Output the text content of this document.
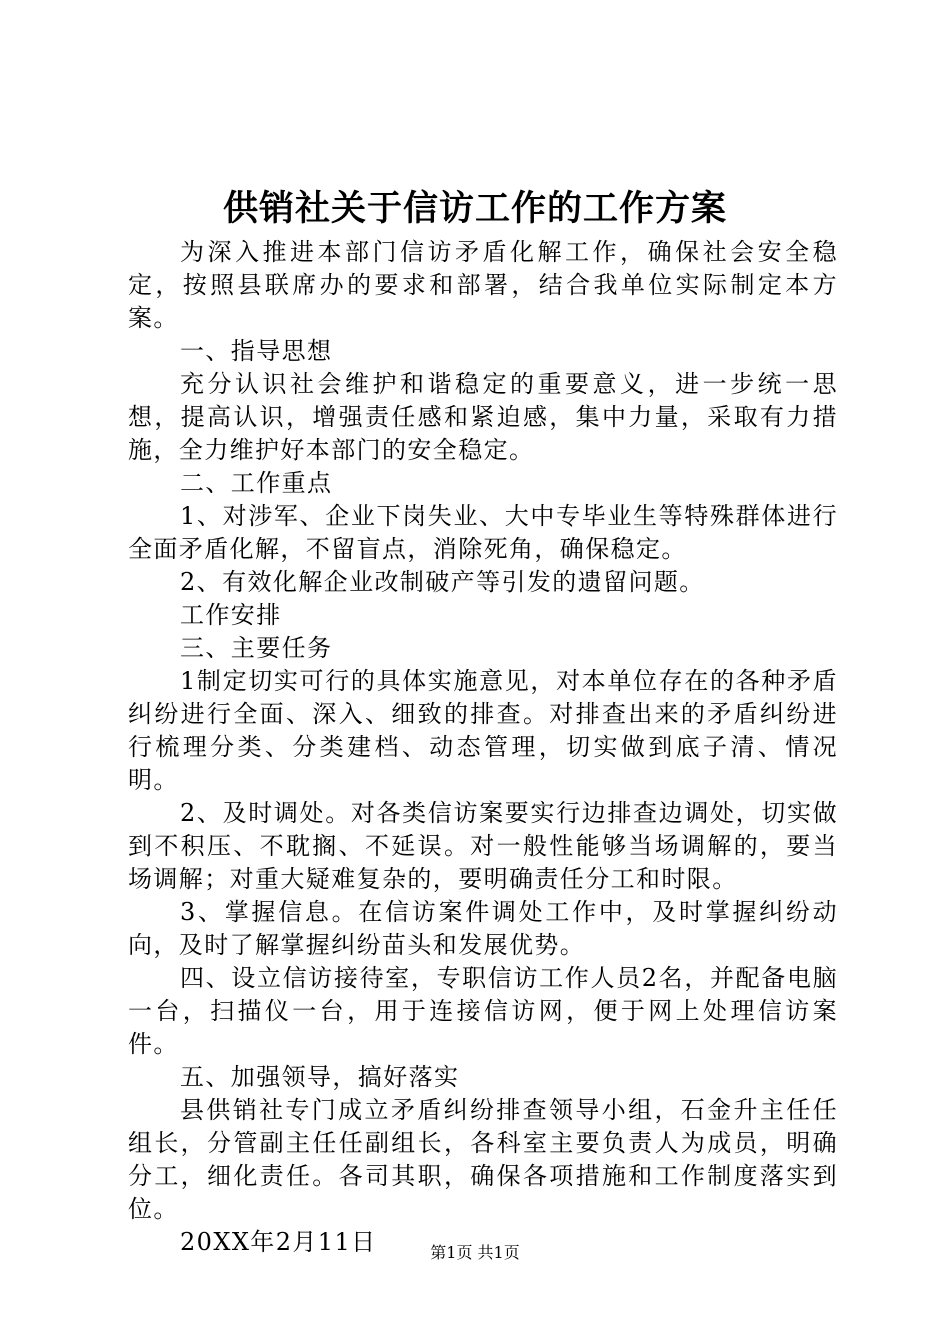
供销社关于信访工作的工作方案

为深入推进本部门信访矛盾化解工作，确保社会安全稳定，按照县联席办的要求和部署，结合我单位实际制定本方案。

一、指导思想

充分认识社会维护和谐稳定的重要意义，进一步统一思想，提高认识，增强责任感和紧迫感，集中力量，采取有力措施，全力维护好本部门的安全稳定。

二、工作重点

1、对涉军、企业下岗失业、大中专毕业生等特殊群体进行全面矛盾化解，不留盲点，消除死角，确保稳定。

2、有效化解企业改制破产等引发的遗留问题。

工作安排

三、主要任务

1制定切实可行的具体实施意见，对本单位存在的各种矛盾纠纷进行全面、深入、细致的排查。对排查出来的矛盾纠纷进行梳理分类、分类建档、动态管理，切实做到底子清、情况明。

2、及时调处。对各类信访案要实行边排查边调处，切实做到不积压、不耽搁、不延误。对一般性能够当场调解的，要当场调解；对重大疑难复杂的，要明确责任分工和时限。

3、掌握信息。在信访案件调处工作中，及时掌握纠纷动向，及时了解掌握纠纷苗头和发展优势。

四、设立信访接待室，专职信访工作人员2名，并配备电脑一台，扫描仪一台，用于连接信访网，便于网上处理信访案件。

五、加强领导，搞好落实

县供销社专门成立矛盾纠纷排查领导小组，石金升主任任组长，分管副主任任副组长，各科室主要负责人为成员，明确分工，细化责任。各司其职，确保各项措施和工作制度落实到位。

20XX年2月11日	第1页 共1页
